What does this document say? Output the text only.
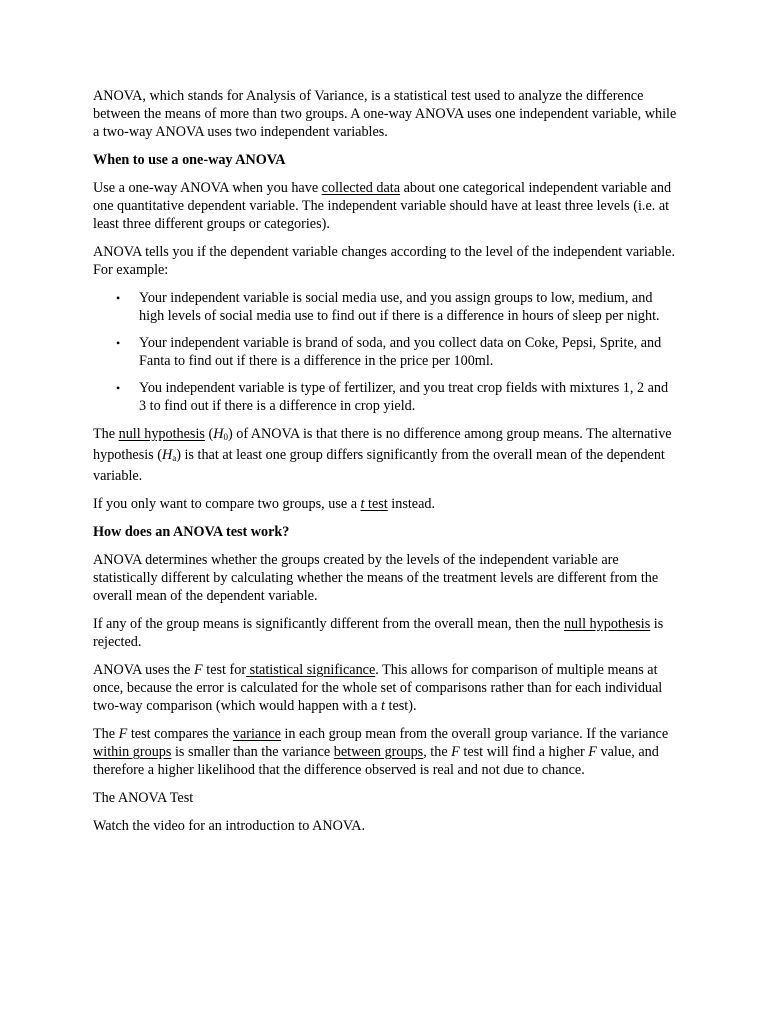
ANOVA, which stands for Analysis of Variance, is a statistical test used to analyze the difference between the means of more than two groups. A one-way ANOVA uses one independent variable, while a two-way ANOVA uses two independent variables.

When to use a one-way ANOVA

Use a one-way ANOVA when you have collected data about one categorical independent variable and one quantitative dependent variable. The independent variable should have at least three levels (i.e. at least three different groups or categories).

ANOVA tells you if the dependent variable changes according to the level of the independent variable. For example:

• Your independent variable is social media use, and you assign groups to low, medium, and high levels of social media use to find out if there is a difference in hours of sleep per night.
• Your independent variable is brand of soda, and you collect data on Coke, Pepsi, Sprite, and Fanta to find out if there is a difference in the price per 100ml.
• You independent variable is type of fertilizer, and you treat crop fields with mixtures 1, 2 and 3 to find out if there is a difference in crop yield.

The null hypothesis $(H_0)$ of ANOVA is that there is no difference among group means. The alternative hypothesis $(H_a)$ is that at least one group differs significantly from the overall mean of the dependent variable.

If you only want to compare two groups, use a t test instead.

How does an ANOVA test work?

ANOVA determines whether the groups created by the levels of the independent variable are statistically different by calculating whether the means of the treatment levels are different from the overall mean of the dependent variable.

If any of the group means is significantly different from the overall mean, then the null hypothesis is rejected.

ANOVA uses the F test for statistical significance. This allows for comparison of multiple means at once, because the error is calculated for the whole set of comparisons rather than for each individual two-way comparison (which would happen with a t test).

The F test compares the variance in each group mean from the overall group variance. If the variance within groups is smaller than the variance between groups, the F test will find a higher F value, and therefore a higher likelihood that the difference observed is real and not due to chance.

The ANOVA Test

Watch the video for an introduction to ANOVA.
